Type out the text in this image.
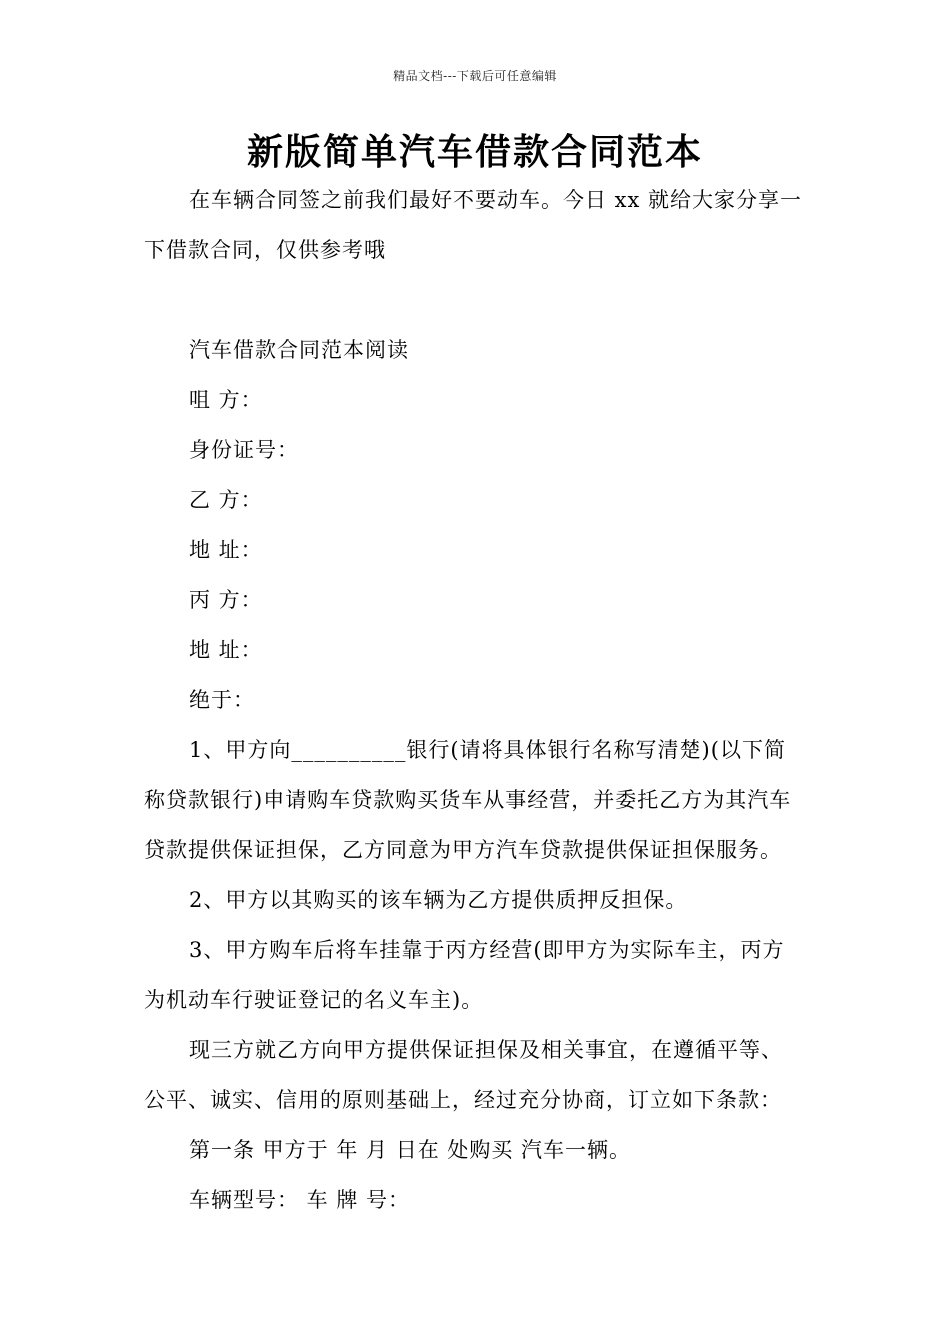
精品文档---下载后可任意编辑
新版简单汽车借款合同范本
在车辆合同签之前我们最好不要动车。今日 xx 就给大家分享一
下借款合同，仅供参考哦
汽车借款合同范本阅读
咀 方：
身份证号：
乙 方：
地 址：
丙 方：
地 址：
绝于：
1、甲方向__________银行(请将具体银行名称写清楚)(以下简
称贷款银行)申请购车贷款购买货车从事经营，并委托乙方为其汽车
贷款提供保证担保，乙方同意为甲方汽车贷款提供保证担保服务。
2、甲方以其购买的该车辆为乙方提供质押反担保。
3、甲方购车后将车挂靠于丙方经营(即甲方为实际车主，丙方
为机动车行驶证登记的名义车主)。
现三方就乙方向甲方提供保证担保及相关事宜，在遵循平等、
公平、诚实、信用的原则基础上，经过充分协商，订立如下条款：
第一条 甲方于 年 月 日在 处购买 汽车一辆。
车辆型号： 车 牌 号：
